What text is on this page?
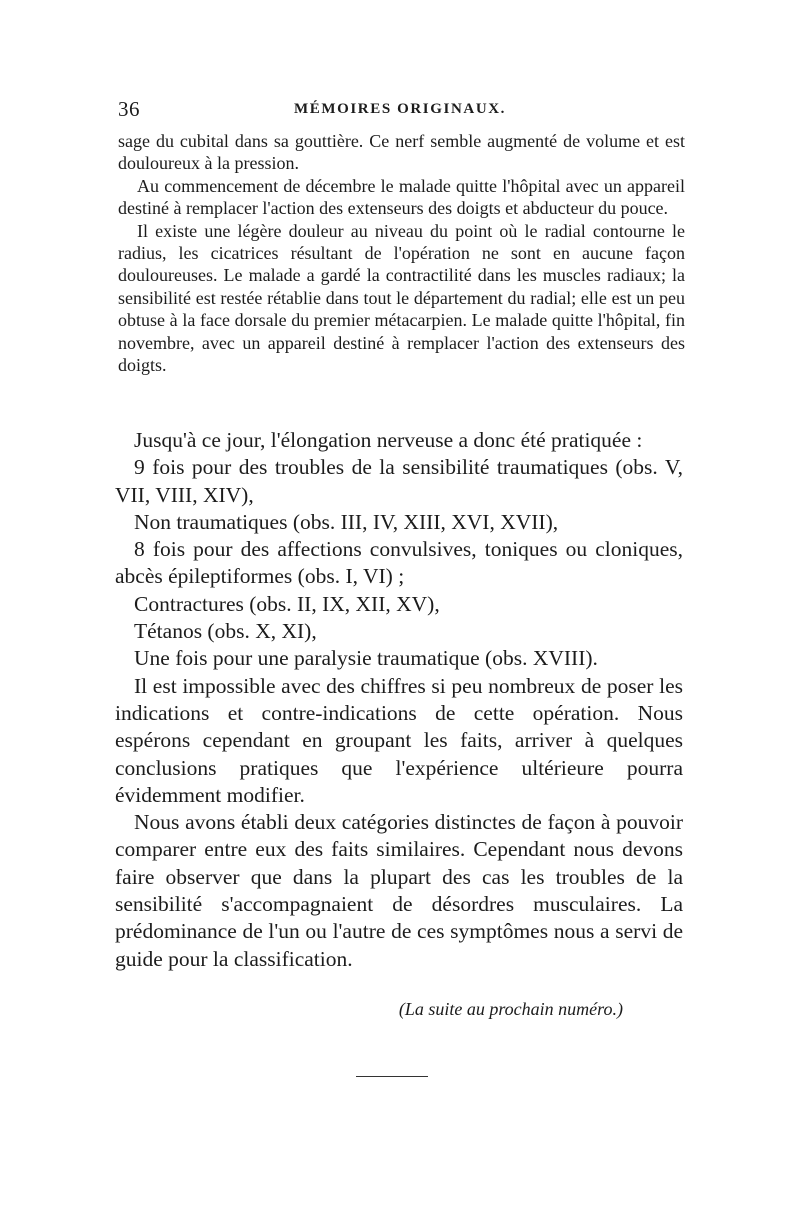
36	MÉMOIRES ORIGINAUX.

sage du cubital dans sa gouttière. Ce nerf semble augmenté de volume et est douloureux à la pression.

Au commencement de décembre le malade quitte l'hôpital avec un appareil destiné à remplacer l'action des extenseurs des doigts et abducteur du pouce.

Il existe une légère douleur au niveau du point où le radial contourne le radius, les cicatrices résultant de l'opération ne sont en aucune façon douloureuses. Le malade a gardé la contractilité dans les muscles radiaux; la sensibilité est restée rétablie dans tout le département du radial; elle est un peu obtuse à la face dorsale du premier métacarpien. Le malade quitte l'hôpital, fin novembre, avec un appareil destiné à remplacer l'action des extenseurs des doigts.

Jusqu'à ce jour, l'élongation nerveuse a donc été pratiquée :

9 fois pour des troubles de la sensibilité traumatiques (obs. V, VII, VIII, XIV),

Non traumatiques (obs. III, IV, XIII, XVI, XVII),

8 fois pour des affections convulsives, toniques ou cloniques, abcès épileptiformes (obs. I, VI) ;

Contractures (obs. II, IX, XII, XV),

Tétanos (obs. X, XI),

Une fois pour une paralysie traumatique (obs. XVIII).

Il est impossible avec des chiffres si peu nombreux de poser les indications et contre-indications de cette opération. Nous espérons cependant en groupant les faits, arriver à quelques conclusions pratiques que l'expérience ultérieure pourra évidemment modifier.

Nous avons établi deux catégories distinctes de façon à pouvoir comparer entre eux des faits similaires. Cependant nous devons faire observer que dans la plupart des cas les troubles de la sensibilité s'accompagnaient de désordres musculaires. La prédominance de l'un ou l'autre de ces symptômes nous a servi de guide pour la classification.

(La suite au prochain numéro.)
